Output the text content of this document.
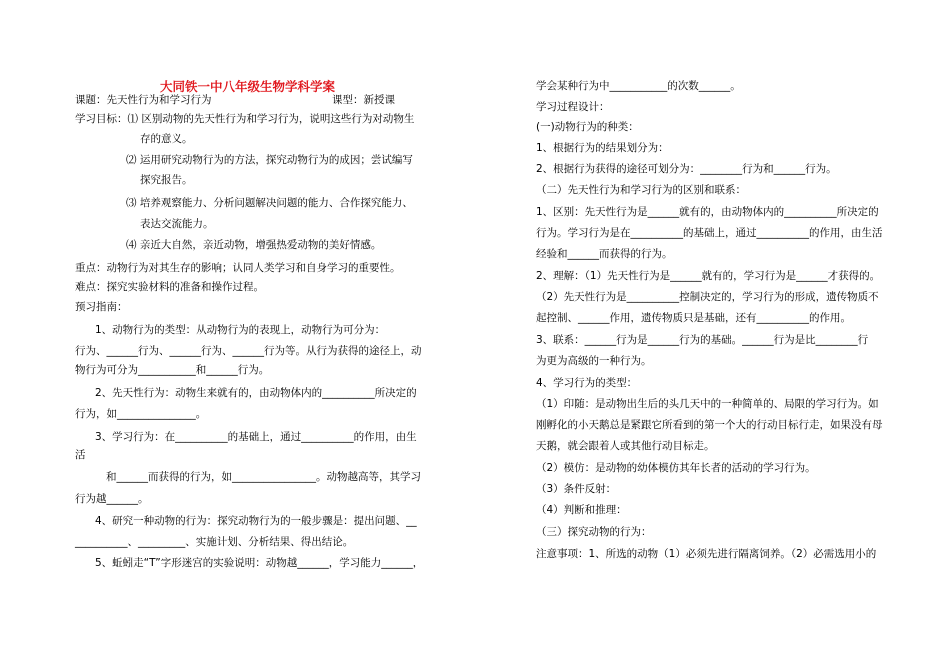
大同铁一中八年级生物学科学案
课题：先天性行为和学习行为	课型：新授课
学习目标：⑴ 区别动物的先天性行为和学习行为，说明这些行为对动物生
存的意义。
⑵ 运用研究动物行为的方法，探究动物行为的成因；尝试编写
探究报告。
⑶ 培养观察能力、分析问题解决问题的能力、合作探究能力、
表达交流能力。
⑷ 亲近大自然，亲近动物，增强热爱动物的美好情感。
重点：动物行为对其生存的影响；认同人类学习和自身学习的重要性。
难点：探究实验材料的准备和操作过程。
预习指南：
1、动物行为的类型：从动物行为的表现上，动物行为可分为：
行为、______行为、______行为、______行为等。从行为获得的途径上，动
物行为可分为___________和______行为。
2、先天性行为：动物生来就有的，由动物体内的__________所决定的
行为，如_______________。
3、学习行为：在__________的基础上，通过__________的作用，由生
活
和______而获得的行为，如________________。动物越高等，其学习
行为越______。
4、研究一种动物的行为：探究动物行为的一般步骤是：提出问题、__
__________、_________、实施计划、分析结果、得出结论。
5、蚯蚓走“T”字形迷宫的实验说明：动物越______，学习能力______，
学会某种行为中___________的次数______。
学习过程设计：
(一)动物行为的种类：
1、根据行为的结果划分为：
2、根据行为获得的途径可划分为：________行为和______行为。
（二）先天性行为和学习行为的区别和联系：
1、区别：先天性行为是______就有的，由动物体内的__________所决定的
行为。学习行为是在__________的基础上，通过__________的作用，由生活
经验和______而获得的行为。
2、理解：（1）先天性行为是______就有的，学习行为是______才获得的。
（2）先天性行为是__________控制决定的，学习行为的形成，遗传物质不
起控制、______作用，遗传物质只是基础，还有__________的作用。
3、联系：______行为是______行为的基础。______行为是比________行
为更为高级的一种行为。
4、学习行为的类型：
（1）印随：是动物出生后的头几天中的一种简单的、局限的学习行为。如
刚孵化的小天鹅总是紧跟它所看到的第一个大的行动目标行走，如果没有母
天鹅，就会跟着人或其他行动目标走。
（2）模仿：是动物的幼体模仿其年长者的活动的学习行为。
（3）条件反射：
（4）判断和推理：
（三）探究动物的行为：
注意事项：1、所选的动物（1）必须先进行隔离饲养。（2）必需选用小的
